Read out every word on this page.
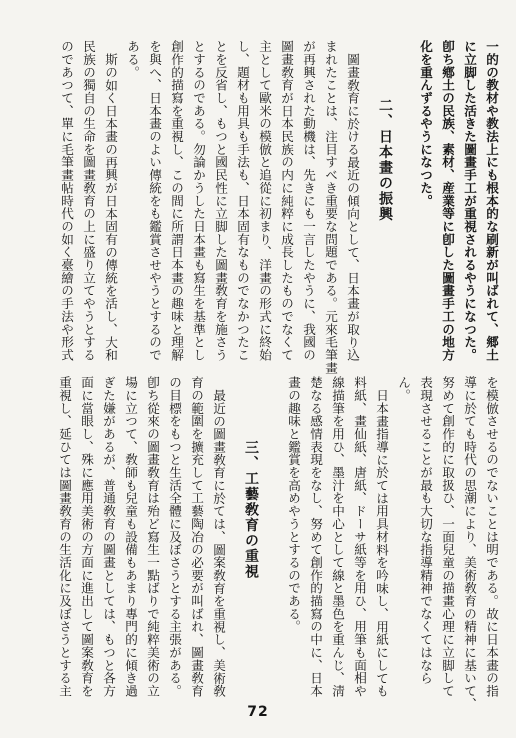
一的の教材や教法上にも根本的な刷新が叫ばれて、郷土
に立脚した活きた圖畫手工が重視されるやうになつた。
卽ち鄕土の民族、素材、産業等に卽した圖畫手工の地方
化を重んずるやうになつた。
二、日本畫の振興
圖畫敎育に於ける最近の傾向として、日本畫が取り込
まれたことは、注目すべき重要な問題である。元來毛筆畫
が再興された動機は、先きにも一言したやうに、我國の
圖畫敎育が日本民族の内に純粹に成長したものでなくて
主として歐米の模倣と追從に初まり、洋畫の形式に終始
し、題材も用具も手法も、日本固有なものでなかつたこ
とを反省し、もつと國民性に立脚した圖畫敎育を施さう
とするのである。勿論かうした日本畫も寫生を基準とし
創作的描寫を重視し、この間に所謂日本畫の趣味と理解
を與へ、日本畫のよい傳統をも鑑賞させやうとするので
ある。
斯の如く日本畫の再興が日本固有の傳統を活し、大和
民族の獨自の生命を圖畫敎育の上に盛り立てやうとする
のであつて、單に毛筆畫帖時代の如く臺繪の手法や形式
を模倣させるのでないことは明である。故に日本畫の指
導に於ても時代の思潮により、美術敎育の精神に基いて、
努めて創作的に取扱ひ、一面兒童の描畫心理に立脚して
表現させることが最も大切な指導精神でなくてはなら
ん。
日本畫指導に於ては用具材料を吟味し、用紙にしても
料紙、畫仙紙、唐紙、ドーサ紙等を用ひ、用筆も面相や
線描筆を用ひ、墨汁を中心として線と墨色を重んじ、淸
楚なる感情表現をなし、努めて創作的描寫の中に、日本
畫の趣味と鑑賞を高めやうとするのである。
三、工藝敎育の重視
最近の圖畫敎育に於ては、圖案敎育を重視し、美術敎
育の範圍を擴充して工藝陶冶の必要が叫ばれ、圖畫敎育
の目標をもつと生活全體に及ぼさうとする主張がある。
卽ち從來の圖畫敎育は殆ど寫生一點ばりで純粹美術の立
場に立つて、敎師も兒童も設備もあまり專門的に傾き過
ぎた嫌があるが、普通敎育の圖畫としては、もつと各方
面に當眼し、殊に應用美術の方面に進出して圖案敎育を
重視し、延ひては圖畫敎育の生活化に及ぼさうとする主
72
